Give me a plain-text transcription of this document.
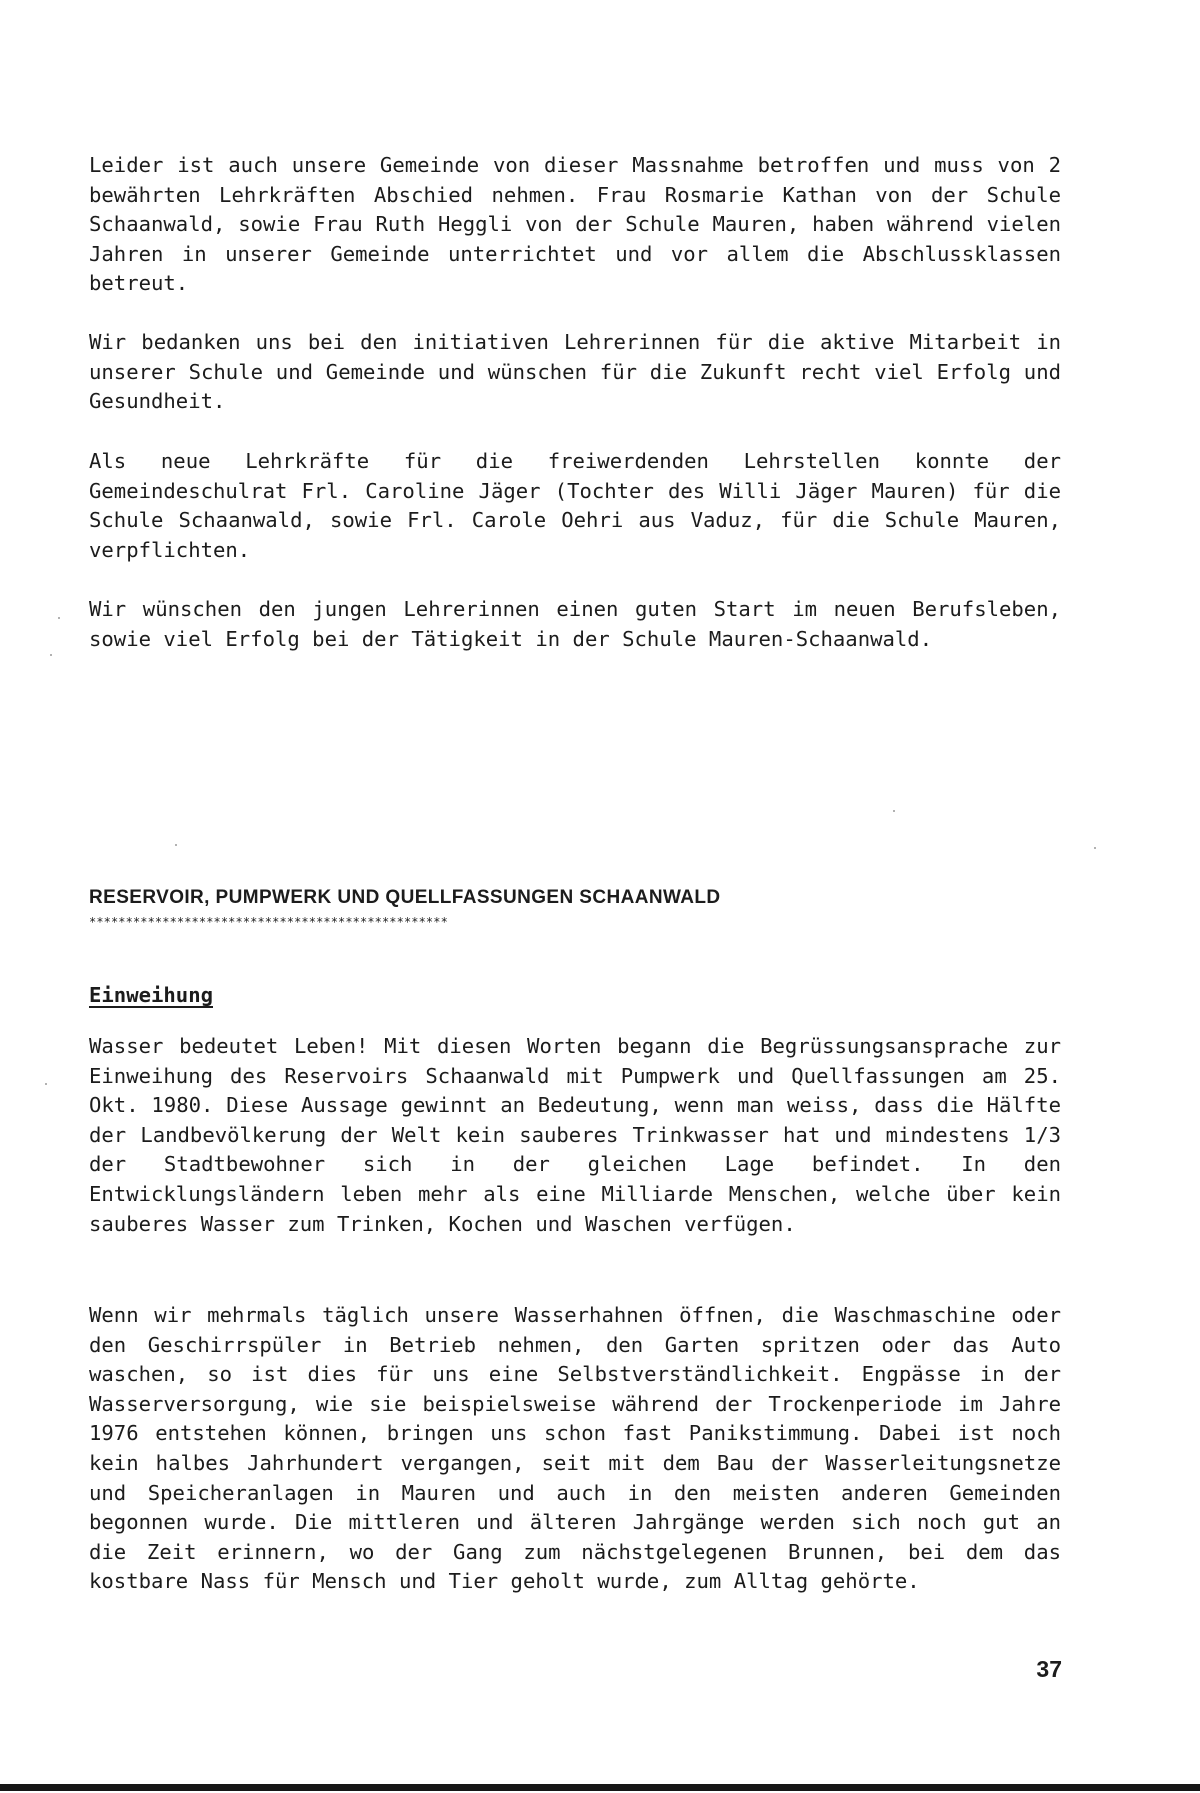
Leider ist auch unsere Gemeinde von dieser Massnahme betroffen und muss von 2 bewährten Lehrkräften Abschied nehmen. Frau Rosmarie Kathan von der Schule Schaanwald, sowie Frau Ruth Heggli von der Schule Mauren, haben während vielen Jahren in unserer Gemeinde unterrichtet und vor allem die Abschlussklassen betreut.

Wir bedanken uns bei den initiativen Lehrerinnen für die aktive Mitarbeit in unserer Schule und Gemeinde und wünschen für die Zukunft recht viel Erfolg und Gesundheit.

Als neue Lehrkräfte für die freiwerdenden Lehrstellen konnte der Gemeindeschulrat Frl. Caroline Jäger (Tochter des Willi Jäger Mauren) für die Schule Schaanwald, sowie Frl. Carole Oehri aus Vaduz, für die Schule Mauren, verpflichten.

Wir wünschen den jungen Lehrerinnen einen guten Start im neuen Berufsleben, sowie viel Erfolg bei der Tätigkeit in der Schule Mauren-Schaanwald.

RESERVOIR, PUMPWERK UND QUELLFASSUNGEN SCHAANWALD
*************************************************
Einweihung

Wasser bedeutet Leben! Mit diesen Worten begann die Begrüssungsansprache zur Einweihung des Reservoirs Schaanwald mit Pumpwerk und Quellfassungen am 25. Okt. 1980. Diese Aussage gewinnt an Bedeutung, wenn man weiss, dass die Hälfte der Landbevölkerung der Welt kein sauberes Trinkwasser hat und mindestens 1/3 der Stadtbewohner sich in der gleichen Lage befindet. In den Entwicklungsländern leben mehr als eine Milliarde Menschen, welche über kein sauberes Wasser zum Trinken, Kochen und Waschen verfügen.

Wenn wir mehrmals täglich unsere Wasserhahnen öffnen, die Waschmaschine oder den Geschirrspüler in Betrieb nehmen, den Garten spritzen oder das Auto waschen, so ist dies für uns eine Selbstverständlichkeit. Engpässe in der Wasserversorgung, wie sie beispielsweise während der Trockenperiode im Jahre 1976 entstehen können, bringen uns schon fast Panikstimmung. Dabei ist noch kein halbes Jahrhundert vergangen, seit mit dem Bau der Wasserleitungsnetze und Speicheranlagen in Mauren und auch in den meisten anderen Gemeinden begonnen wurde. Die mittleren und älteren Jahrgänge werden sich noch gut an die Zeit erinnern, wo der Gang zum nächstgelegenen Brunnen, bei dem das kostbare Nass für Mensch und Tier geholt wurde, zum Alltag gehörte.

37
